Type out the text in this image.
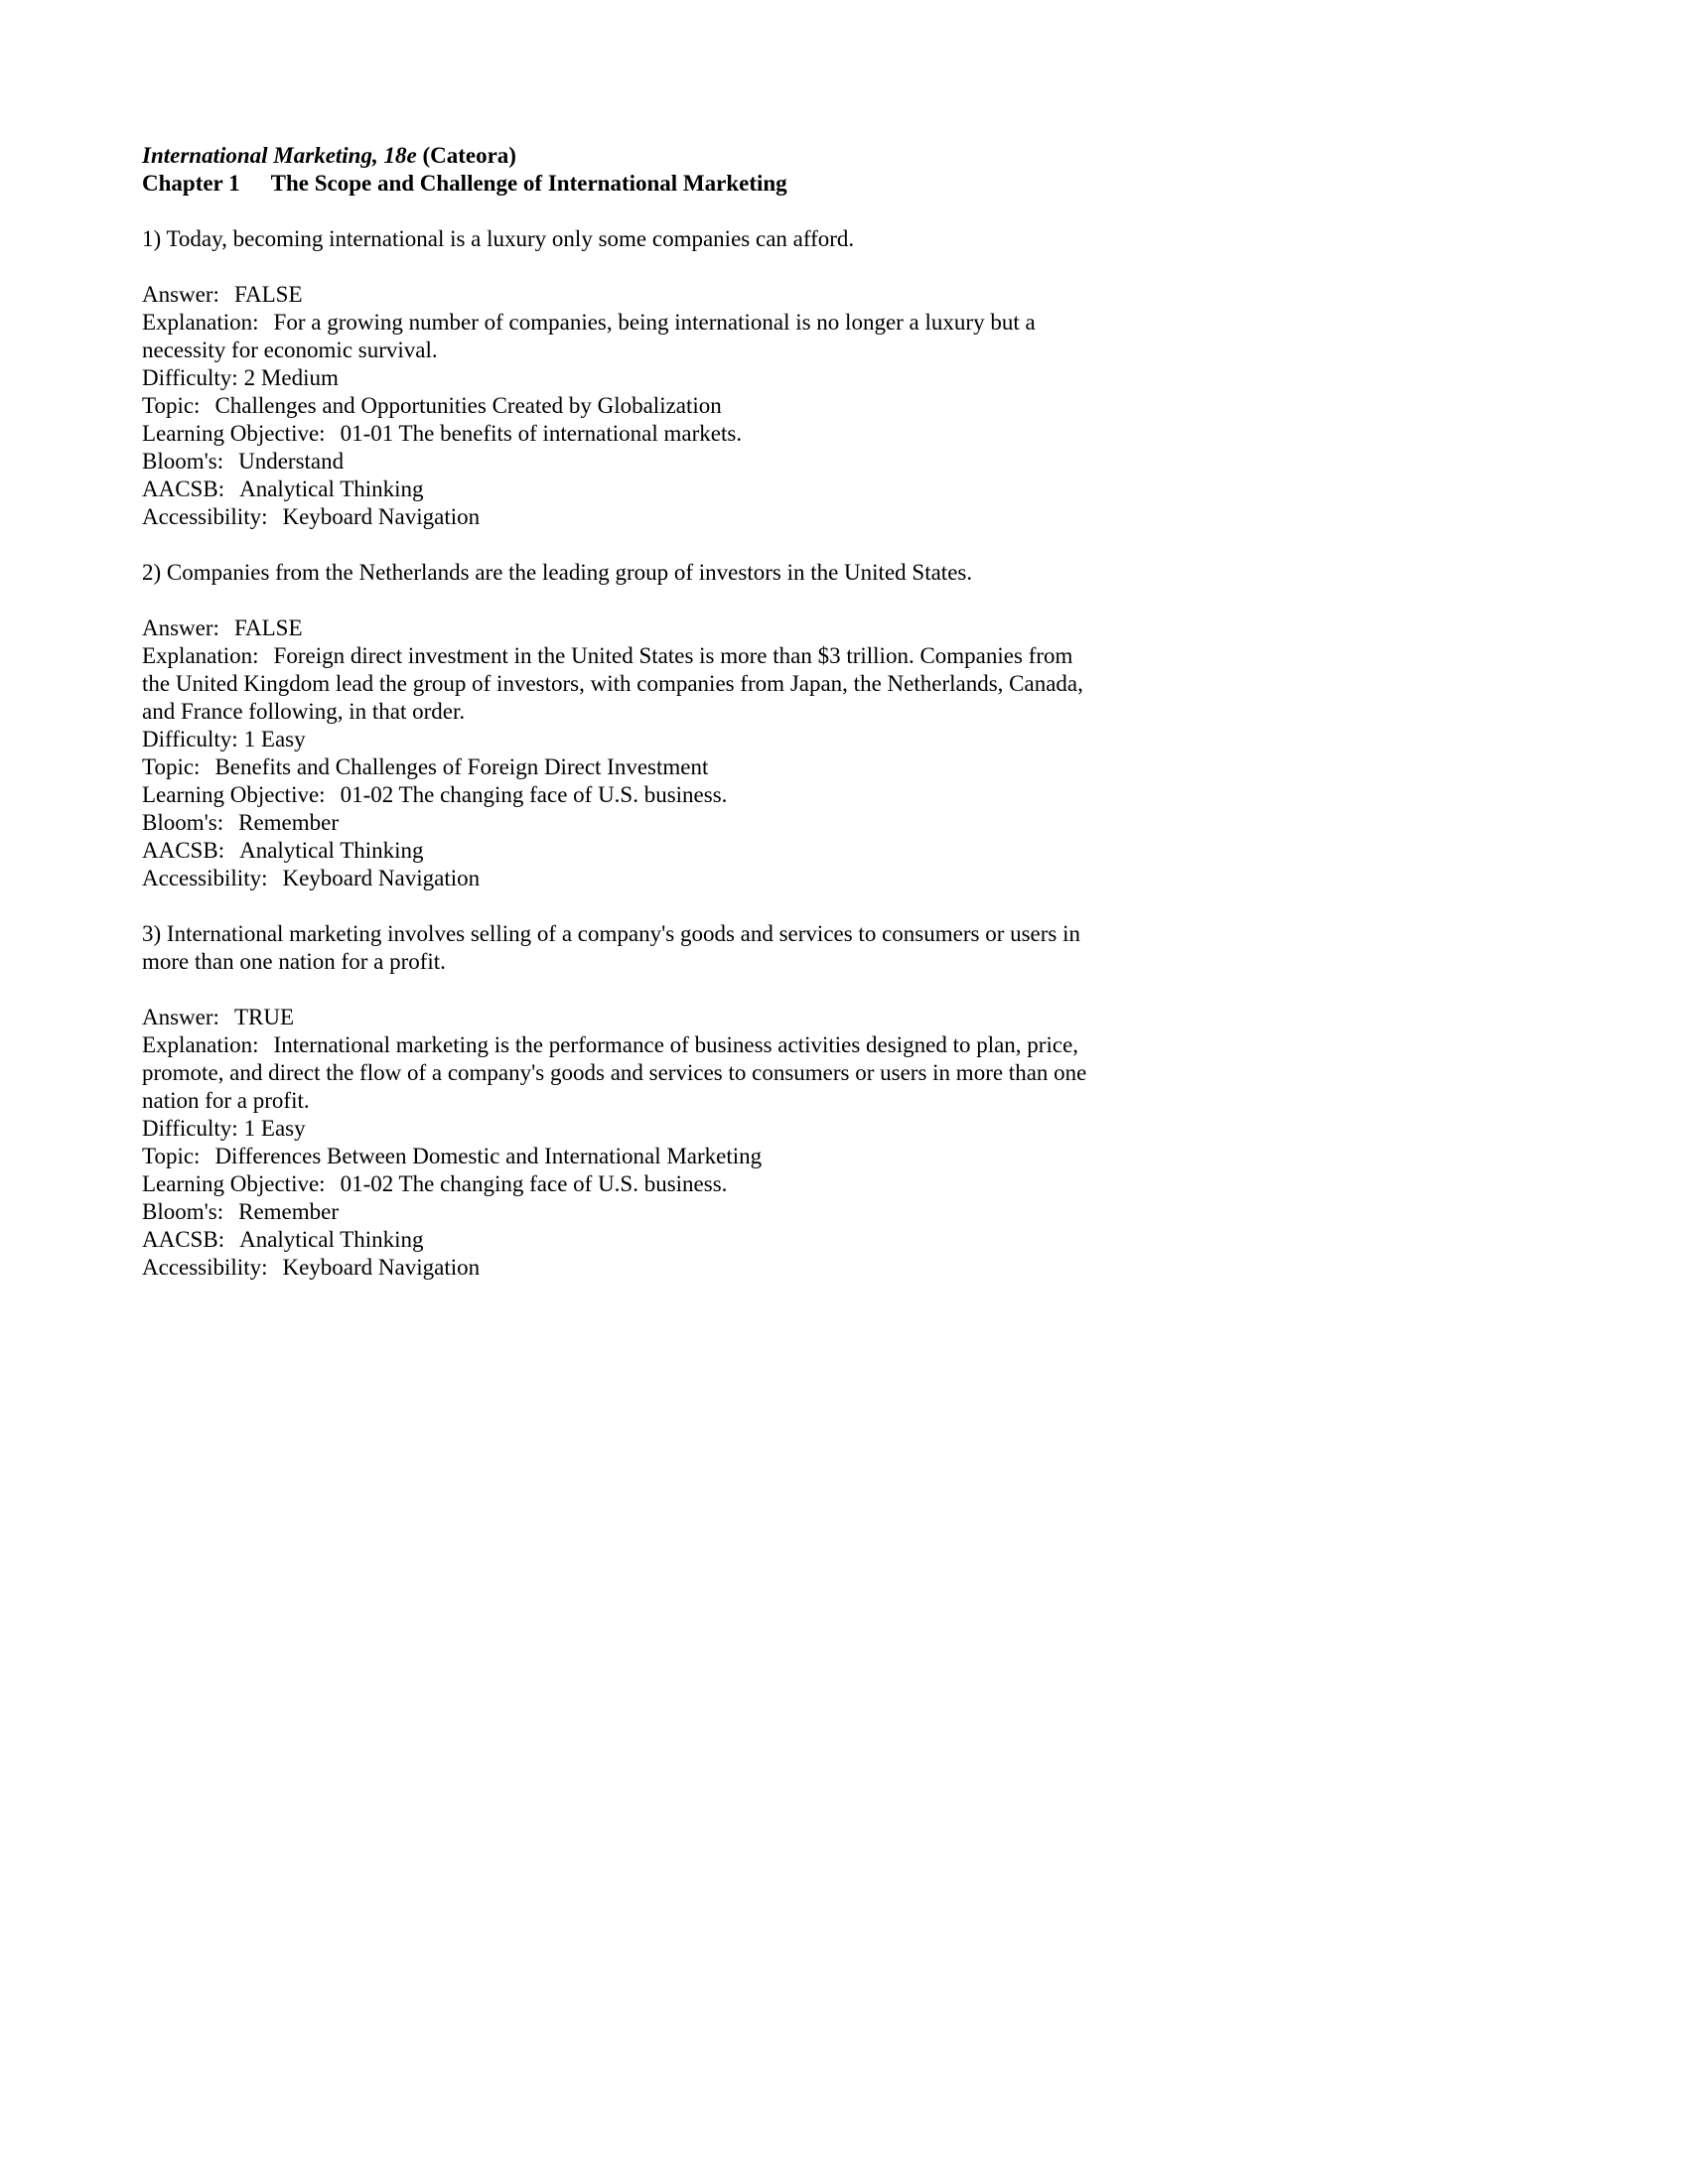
International Marketing, 18e (Cateora)
Chapter 1 The Scope and Challenge of International Marketing

1) Today, becoming international is a luxury only some companies can afford.

Answer: FALSE
Explanation: For a growing number of companies, being international is no longer a luxury but a necessity for economic survival.
Difficulty: 2 Medium
Topic: Challenges and Opportunities Created by Globalization
Learning Objective: 01-01 The benefits of international markets.
Bloom's: Understand
AACSB: Analytical Thinking
Accessibility: Keyboard Navigation

2) Companies from the Netherlands are the leading group of investors in the United States.

Answer: FALSE
Explanation: Foreign direct investment in the United States is more than $3 trillion. Companies from the United Kingdom lead the group of investors, with companies from Japan, the Netherlands, Canada, and France following, in that order.
Difficulty: 1 Easy
Topic: Benefits and Challenges of Foreign Direct Investment
Learning Objective: 01-02 The changing face of U.S. business.
Bloom's: Remember
AACSB: Analytical Thinking
Accessibility: Keyboard Navigation

3) International marketing involves selling of a company's goods and services to consumers or users in more than one nation for a profit.

Answer: TRUE
Explanation: International marketing is the performance of business activities designed to plan, price, promote, and direct the flow of a company's goods and services to consumers or users in more than one nation for a profit.
Difficulty: 1 Easy
Topic: Differences Between Domestic and International Marketing
Learning Objective: 01-02 The changing face of U.S. business.
Bloom's: Remember
AACSB: Analytical Thinking
Accessibility: Keyboard Navigation
